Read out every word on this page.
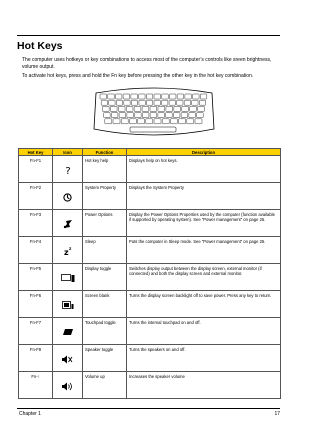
Hot Keys
The computer uses hotkeys or key combinations to access most of the computer’s controls like sreen brightness, volume output.
To activate hot keys, press and hold the Fn key before pressing the other key in the hot key combination.
Hot Key	Icon	Function	Description
Fn-F1	?	Hot key help	Displays help on hot keys.
Fn-F2		System Property	Displays the System Property
Fn-F3		Power Options	Display the Power Options Properties used by the computer (function available if supported by operating system). See “Power management” on page 25.
Fn-F4	z z	Sleep	Puts the computer in Sleep mode. See “Power management” on page 25.
Fn-F5		Display toggle	Switches display output between the display screen, external monitor (if connected) and both the display screen and external monitor.
Fn-F6		Screen blank	Turns the display screen backlight off to save power. Press any key to return.
Fn-F7		Touchpad toggle	Turns the internal touchpad on and off.
Fn-F8		Speaker toggle	Turns the speakers on and off.
Fn-↑		Volume up	Increases the speaker volume
Chapter 1	17
